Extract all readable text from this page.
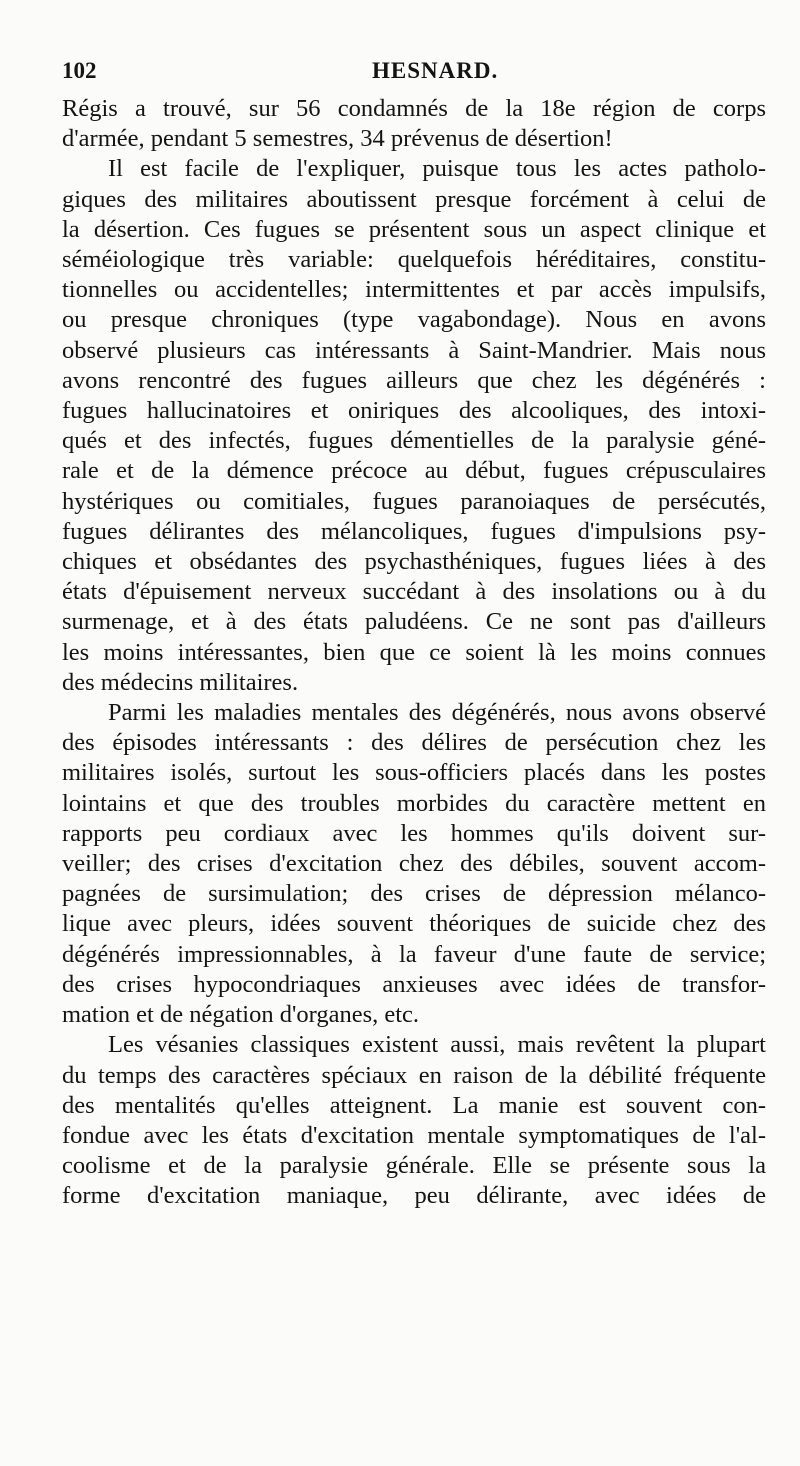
102	HESNARD.
Régis a trouvé, sur 56 condamnés de la 18e région de corps
d'armée, pendant 5 semestres, 34 prévenus de désertion!
Il est facile de l'expliquer, puisque tous les actes patholo-
giques des militaires aboutissent presque forcément à celui de
la désertion. Ces fugues se présentent sous un aspect clinique et
séméiologique très variable: quelquefois héréditaires, constitu-
tionnelles ou accidentelles; intermittentes et par accès impulsifs,
ou presque chroniques (type vagabondage). Nous en avons
observé plusieurs cas intéressants à Saint-Mandrier. Mais nous
avons rencontré des fugues ailleurs que chez les dégénérés :
fugues hallucinatoires et oniriques des alcooliques, des intoxi-
qués et des infectés, fugues démentielles de la paralysie géné-
rale et de la démence précoce au début, fugues crépusculaires
hystériques ou comitiales, fugues paranoiaques de persécutés,
fugues délirantes des mélancoliques, fugues d'impulsions psy-
chiques et obsédantes des psychasthéniques, fugues liées à des
états d'épuisement nerveux succédant à des insolations ou à du
surmenage, et à des états paludéens. Ce ne sont pas d'ailleurs
les moins intéressantes, bien que ce soient là les moins connues
des médecins militaires.
Parmi les maladies mentales des dégénérés, nous avons observé
des épisodes intéressants : des délires de persécution chez les
militaires isolés, surtout les sous-officiers placés dans les postes
lointains et que des troubles morbides du caractère mettent en
rapports peu cordiaux avec les hommes qu'ils doivent sur-
veiller; des crises d'excitation chez des débiles, souvent accom-
pagnées de sursimulation; des crises de dépression mélanco-
lique avec pleurs, idées souvent théoriques de suicide chez des
dégénérés impressionnables, à la faveur d'une faute de service;
des crises hypocondriaques anxieuses avec idées de transfor-
mation et de négation d'organes, etc.
Les vésanies classiques existent aussi, mais revêtent la plupart
du temps des caractères spéciaux en raison de la débilité fréquente
des mentalités qu'elles atteignent. La manie est souvent con-
fondue avec les états d'excitation mentale symptomatiques de l'al-
coolisme et de la paralysie générale. Elle se présente sous la
forme d'excitation maniaque, peu délirante, avec idées de
